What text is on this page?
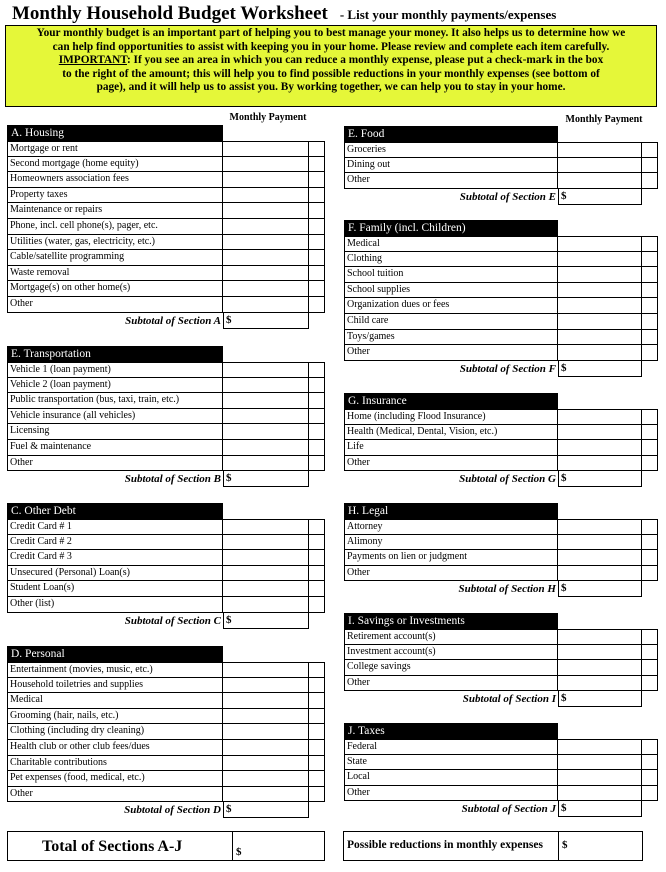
Monthly Household Budget Worksheet - List your monthly payments/expenses
Your monthly budget is an important part of helping you to best manage your money. It also helps us to determine how we
can help find opportunities to assist with keeping you in your home. Please review and complete each item carefully.
IMPORTANT: If you see an area in which you can reduce a monthly expense, please put a check-mark in the box
to the right of the amount; this will help you to find possible reductions in your monthly expenses (see bottom of
page), and it will help us to assist you. By working together, we can help you to stay in your home.
Monthly Payment	Monthly Payment
A. Housing
Mortgage or rent
Second mortgage (home equity)
Homeowners association fees
Property taxes
Maintenance or repairs
Phone, incl. cell phone(s), pager, etc.
Utilities (water, gas, electricity, etc.)
Cable/satellite programming
Waste removal
Mortgage(s) on other home(s)
Other
Subtotal of Section A $
E. Transportation
Vehicle 1 (loan payment)
Vehicle 2 (loan payment)
Public transportation (bus, taxi, train, etc.)
Vehicle insurance (all vehicles)
Licensing
Fuel & maintenance
Other
Subtotal of Section B $
C. Other Debt
Credit Card # 1
Credit Card # 2
Credit Card # 3
Unsecured (Personal) Loan(s)
Student Loan(s)
Other (list)
Subtotal of Section C $
D. Personal
Entertainment (movies, music, etc.)
Household toiletries and supplies
Medical
Grooming (hair, nails, etc.)
Clothing (including dry cleaning)
Health club or other club fees/dues
Charitable contributions
Pet expenses (food, medical, etc.)
Other
Subtotal of Section D $
E. Food
Groceries
Dining out
Other
Subtotal of Section E $
F. Family (incl. Children)
Medical
Clothing
School tuition
School supplies
Organization dues or fees
Child care
Toys/games
Other
Subtotal of Section F $
G. Insurance
Home (including Flood Insurance)
Health (Medical, Dental, Vision, etc.)
Life
Other
Subtotal of Section G $
H. Legal
Attorney
Alimony
Payments on lien or judgment
Other
Subtotal of Section H $
I. Savings or Investments
Retirement account(s)
Investment account(s)
College savings
Other
Subtotal of Section I $
J. Taxes
Federal
State
Local
Other
Subtotal of Section J $
Total of Sections A-J	$
Possible reductions in monthly expenses	$
